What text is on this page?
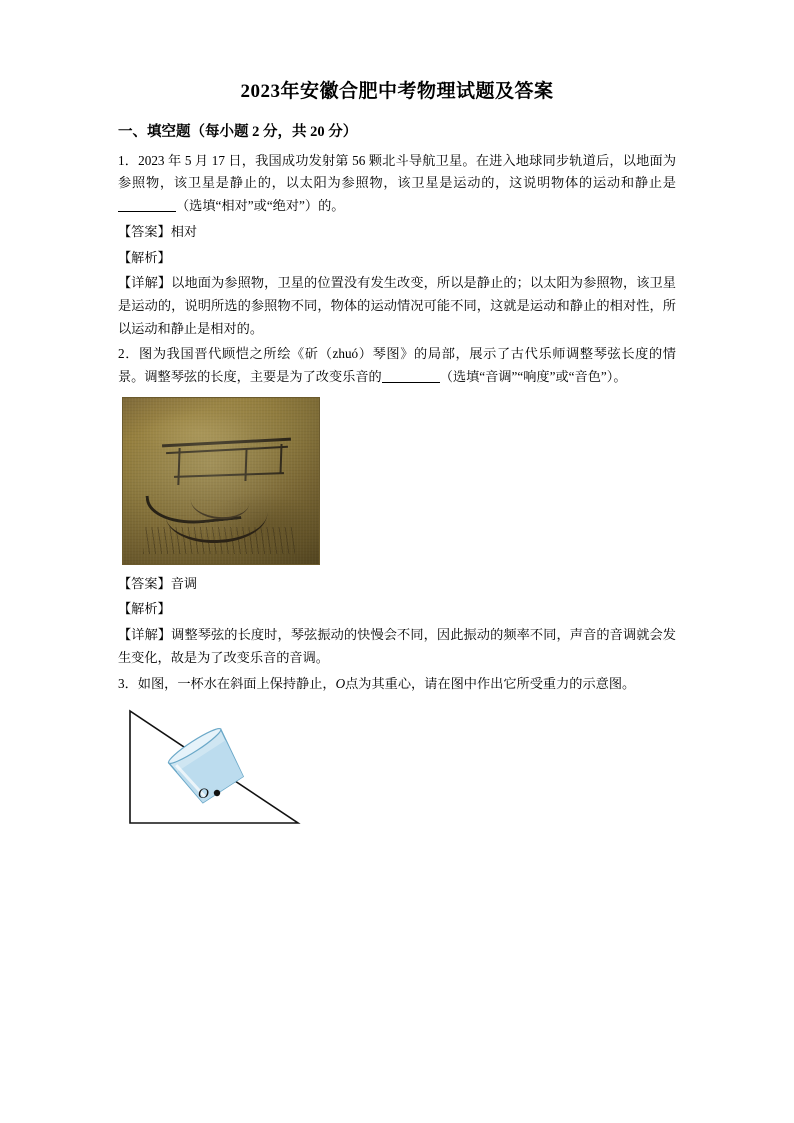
2023年安徽合肥中考物理试题及答案
一、填空题（每小题 2 分，共 20 分）

1．2023 年 5 月 17 日，我国成功发射第 56 颗北斗导航卫星。在进入地球同步轨道后，以地面为参照物，该卫星是静止的，以太阳为参照物，该卫星是运动的，这说明物体的运动和静止是（选填“相对”或“绝对”）的。

【答案】相对

【解析】

【详解】以地面为参照物，卫星的位置没有发生改变，所以是静止的；以太阳为参照物，该卫星是运动的，说明所选的参照物不同，物体的运动情况可能不同，这就是运动和静止的相对性，所以运动和静止是相对的。

2．图为我国晋代顾恺之所绘《斫（zhuó）琴图》的局部，展示了古代乐师调整琴弦长度的情景。调整琴弦的长度，主要是为了改变乐音的	（选填“音调”“响度”或“音色”）。

【答案】音调

【解析】

【详解】调整琴弦的长度时，琴弦振动的快慢会不同，因此振动的频率不同，声音的音调就会发生变化，故是为了改变乐音的音调。

3．如图，一杯水在斜面上保持静止，O点为其重心，请在图中作出它所受重力的示意图。

O
